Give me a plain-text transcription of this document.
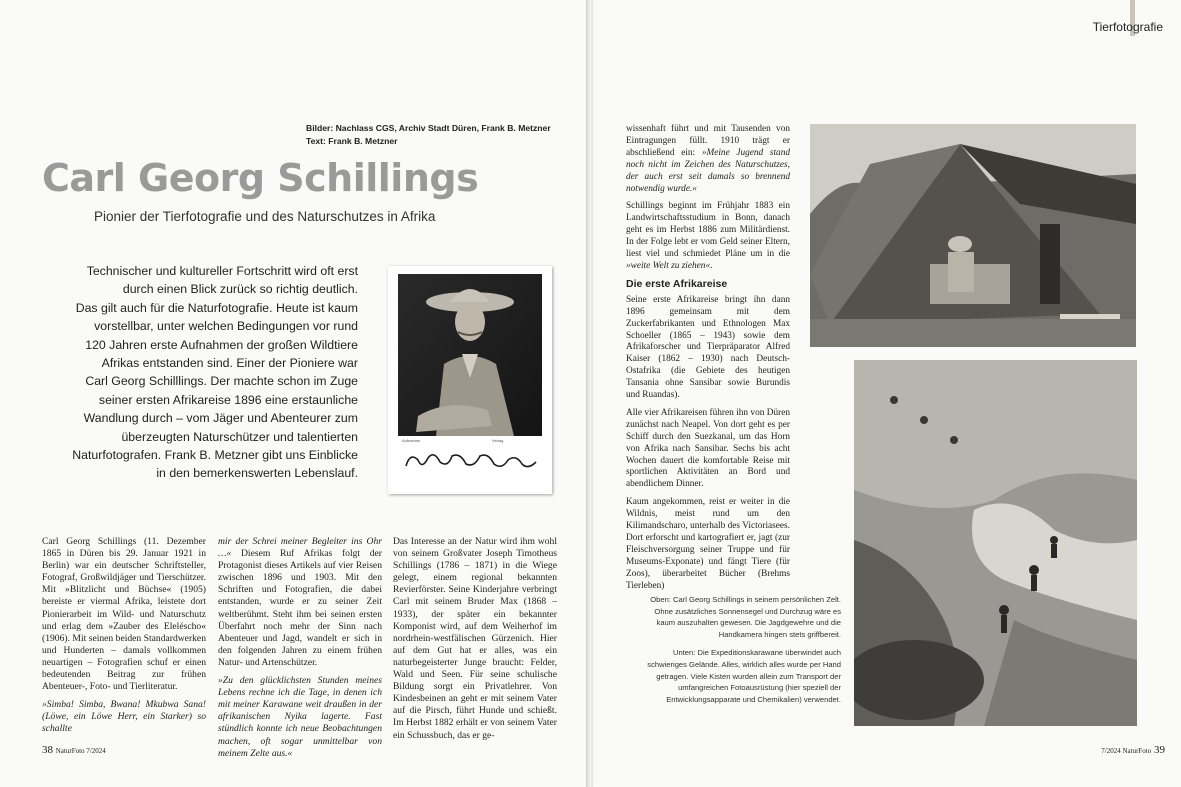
Bilder: Nachlass CGS, Archiv Stadt Düren, Frank B. Metzner
Text: Frank B. Metzner
Carl Georg Schillings
Pionier der Tierfotografie und des Naturschutzes in Afrika
Technischer und kultureller Fortschritt wird oft erst
durch einen Blick zurück so richtig deutlich.
Das gilt auch für die Naturfotografie. Heute ist kaum
vorstellbar, unter welchen Bedingungen vor rund
120 Jahren erste Aufnahmen der großen Wildtiere
Afrikas entstanden sind. Einer der Pioniere war
Carl Georg Schilllings. Der machte schon im Zuge
seiner ersten Afrikareise 1896 eine erstaunliche
Wandlung durch – vom Jäger und Abenteurer zum
überzeugten Naturschützer und talentierten
Naturfotografen. Frank B. Metzner gibt uns Einblicke
in den bemerkenswerten Lebenslauf.
Aufnahme	Verlag

Carl Georg Schillings (11. Dezember 1865 in Düren bis 29. Januar 1921 in Berlin) war ein deutscher Schriftsteller, Fotograf, Großwildjäger und Tierschützer. Mit »Blitzlicht und Büchse« (1905) bereiste er viermal Afrika, leistete dort Pionierarbeit im Wild- und Naturschutz und erlag dem »Zauber des Eleléscho« (1906). Mit seinen beiden Standardwerken und Hunderten – damals vollkommen neuartigen – Fotografien schuf er einen bedeutenden Beitrag zur frühen Abenteuer-, Foto- und Tierliteratur.

»Simba! Simba, Bwana! Mkubwa Sana! (Löwe, ein Löwe Herr, ein Starker) so schallte

mir der Schrei meiner Begleiter ins Ohr …« Diesem Ruf Afrikas folgt der Protagonist dieses Artikels auf vier Reisen zwischen 1896 und 1903. Mit den Schriften und Fotografien, die dabei entstanden, wurde er zu seiner Zeit weltberühmt. Steht ihm bei seinen ersten Überfahrt noch mehr der Sinn nach Abenteuer und Jagd, wandelt er sich in den folgenden Jahren zu einem frühen Natur- und Artenschützer.

»Zu den glücklichsten Stunden meines Lebens rechne ich die Tage, in denen ich mit meiner Karawane weit draußen in der afrikanischen Nyika lagerte. Fast stündlich konnte ich neue Beobachtungen machen, oft sogar unmittelbar von meinem Zelte aus.«

Das Interesse an der Natur wird ihm wohl von seinem Großvater Joseph Timotheus Schillings (1786 – 1871) in die Wiege gelegt, einem regional bekannten Revierförster. Seine Kinderjahre verbringt Carl mit seinem Bruder Max (1868 – 1933), der später ein bekannter Komponist wird, auf dem Weiherhof im nordrhein-westfälischen Gürzenich. Hier auf dem Gut hat er alles, was ein naturbegeisterter Junge braucht: Felder, Wald und Seen. Für seine schulische Bildung sorgt ein Privatlehrer. Von Kindesbeinen an geht er mit seinem Vater auf die Pirsch, führt Hunde und schießt. Im Herbst 1882 erhält er von seinem Vater ein Schussbuch, das er ge-

38 NaturFoto 7/2024
Tierfotografie

wissenhaft führt und mit Tausenden von Eintragungen füllt. 1910 trägt er abschließend ein: »Meine Jugend stand noch nicht im Zeichen des Naturschutzes, der auch erst seit damals so brennend notwendig wurde.«

Schillings beginnt im Frühjahr 1883 ein Landwirtschaftsstudium in Bonn, danach geht es im Herbst 1886 zum Militärdienst. In der Folge lebt er vom Geld seiner Eltern, liest viel und schmiedet Pläne um in die »weite Welt zu ziehen«.

Die erste Afrikareise

Seine erste Afrikareise bringt ihn dann 1896 gemeinsam mit dem Zuckerfabrikanten und Ethnologen Max Schoeller (1865 – 1943) sowie dem Afrikaforscher und Tierpräparator Alfred Kaiser (1862 – 1930) nach Deutsch-Ostafrika (die Gebiete des heutigen Tansania ohne Sansibar sowie Burundis und Ruandas).

Alle vier Afrikareisen führen ihn von Düren zunächst nach Neapel. Von dort geht es per Schiff durch den Suezkanal, um das Horn von Afrika nach Sansibar. Sechs bis acht Wochen dauert die komfortable Reise mit sportlichen Aktivitäten an Bord und abendlichem Dinner.

Kaum angekommen, reist er weiter in die Wildnis, meist rund um den Kilimandscharo, unterhalb des Victoriasees. Dort erforscht und kartografiert er, jagt (zur Fleischversorgung seiner Truppe und für Museums-Exponate) und fängt Tiere (für Zoos), überarbeitet Bücher (Brehms Tierleben)

Oben: Carl Georg Schillings in seinem persönlichen Zelt. Ohne zusätzliches Sonnensegel und Durchzug wäre es kaum auszuhalten gewesen. Die Jagdgewehre und die Handkamera hingen stets griffbereit.

Unten: Die Expeditionskarawane überwindet auch schwieriges Gelände. Alles, wirklich alles wurde per Hand getragen. Viele Kisten wurden allein zum Transport der umfangreichen Fotoausrüstung (hier speziell der Entwicklungsapparate und Chemikalien) verwendet.

7/2024 NaturFoto 39
